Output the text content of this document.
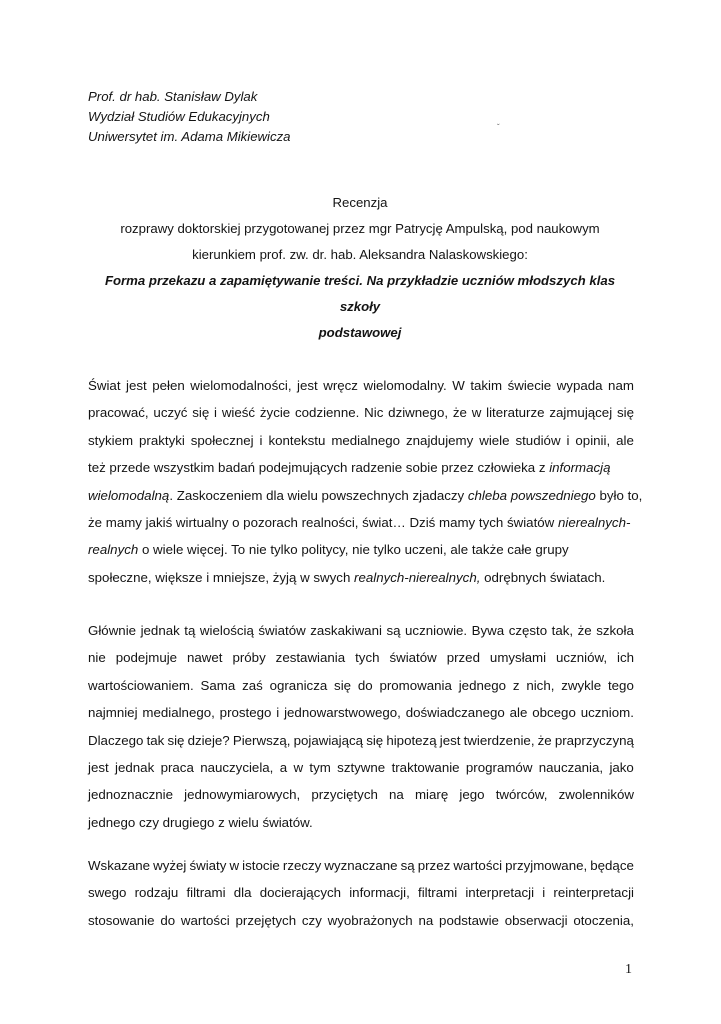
Prof. dr hab. Stanisław Dylak
Wydział Studiów Edukacyjnych
Uniwersytet im. Adama Mikiewicza
ˇ
Recenzja
rozprawy doktorskiej przygotowanej przez mgr Patrycję Ampulską, pod naukowym
kierunkiem prof. zw. dr. hab. Aleksandra Nalaskowskiego:
Forma przekazu a zapamiętywanie treści. Na przykładzie uczniów młodszych klas szkoły
podstawowej
Świat jest pełen wielomodalności, jest wręcz wielomodalny. W takim świecie wypada nam
pracować, uczyć się i wieść życie codzienne. Nic dziwnego, że w literaturze zajmującej się
stykiem praktyki społecznej i kontekstu medialnego znajdujemy wiele studiów i opinii, ale
też przede wszystkim badań podejmujących radzenie sobie przez człowieka z informacją
wielomodalną . Zaskoczeniem dla wielu powszechnych zjadaczy chleba powszedniego było to,
że mamy jakiś wirtualny o pozorach realności, świat… Dziś mamy tych światów nierealnych-
realnych o wiele więcej. To nie tylko politycy, nie tylko uczeni, ale także całe grupy
społeczne, większe i mniejsze, żyją w swych realnych-nierealnych, odrębnych światach.
Głównie jednak tą wielością światów zaskakiwani są uczniowie. Bywa często tak, że szkoła
nie podejmuje nawet próby zestawiania tych światów przed umysłami uczniów, ich
wartościowaniem. Sama zaś ogranicza się do promowania jednego z nich, zwykle tego
najmniej medialnego, prostego i jednowarstwowego, doświadczanego ale obcego uczniom.
Dlaczego tak się dzieje? Pierwszą, pojawiającą się hipotezą jest twierdzenie, że praprzyczyną
jest jednak praca nauczyciela, a w tym sztywne traktowanie programów nauczania, jako
jednoznacznie jednowymiarowych, przyciętych na miarę jego twórców, zwolenników
jednego czy drugiego z wielu światów.
Wskazane wyżej światy w istocie rzeczy wyznaczane są przez wartości przyjmowane, będące
swego rodzaju filtrami dla docierających informacji, filtrami interpretacji i reinterpretacji
stosowanie do wartości przejętych czy wyobrażonych na podstawie obserwacji otoczenia,
1
